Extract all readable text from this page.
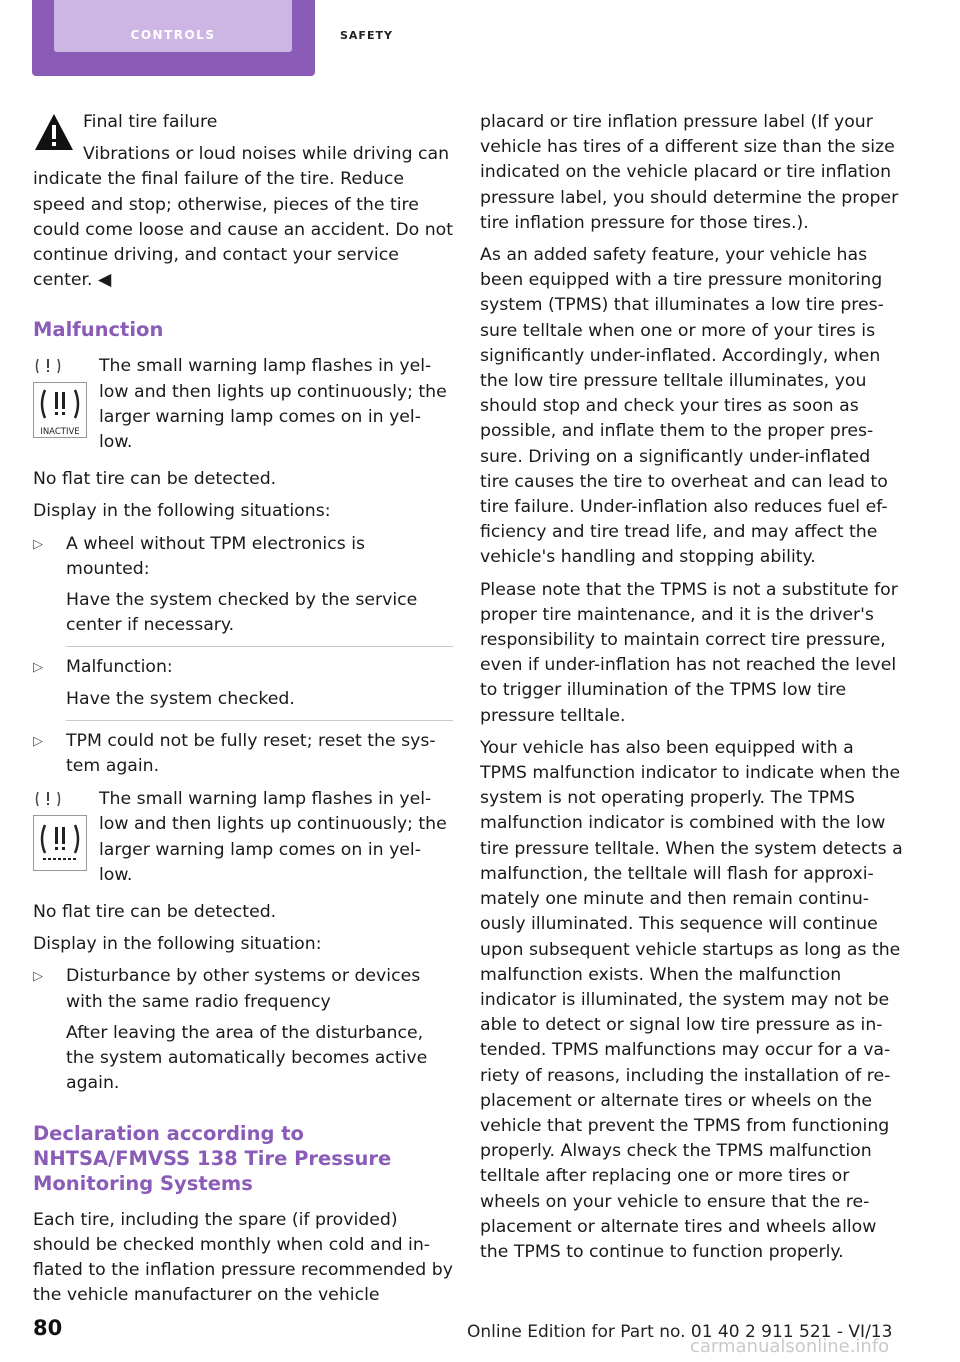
controls	safety

Final tire failure

Vibrations or loud noises while driving can indicate the final failure of the tire. Reduce speed and stop; otherwise, pieces of the tire could come loose and cause an accident. Do not continue driving, and contact your service center. ◀

Malfunction
INACTIVE

The small warning lamp flashes in yel-low and then lights up continuously; the larger warning lamp comes on in yel-low.

No flat tire can be detected.

Display in the following situations:

▷ A wheel without TPM electronics is mounted:
Have the system checked by the service center if necessary.
▷ Malfunction:
Have the system checked.
▷ TPM could not be fully reset; reset the sys-tem again.

The small warning lamp flashes in yel-low and then lights up continuously; the larger warning lamp comes on in yel-low.

No flat tire can be detected.

Display in the following situation:

▷ Disturbance by other systems or devices with the same radio frequency
After leaving the area of the disturbance, the system automatically becomes active again.
Declaration according to NHTSA/FMVSS 138 Tire Pressure Monitoring Systems

Each tire, including the spare (if provided) should be checked monthly when cold and in-flated to the inflation pressure recommended by the vehicle manufacturer on the vehicle

placard or tire inflation pressure label (If your vehicle has tires of a different size than the size indicated on the vehicle placard or tire inflation pressure label, you should determine the proper tire inflation pressure for those tires.).

As an added safety feature, your vehicle has been equipped with a tire pressure monitoring system (TPMS) that illuminates a low tire pres-sure telltale when one or more of your tires is significantly under-inflated. Accordingly, when the low tire pressure telltale illuminates, you should stop and check your tires as soon as possible, and inflate them to the proper pres-sure. Driving on a significantly under-inflated tire causes the tire to overheat and can lead to tire failure. Under-inflation also reduces fuel ef-ficiency and tire tread life, and may affect the vehicle's handling and stopping ability.

Please note that the TPMS is not a substitute for proper tire maintenance, and it is the driver's responsibility to maintain correct tire pressure, even if under-inflation has not reached the level to trigger illumination of the TPMS low tire pressure telltale.

Your vehicle has also been equipped with a TPMS malfunction indicator to indicate when the system is not operating properly. The TPMS malfunction indicator is combined with the low tire pressure telltale. When the system detects a malfunction, the telltale will flash for approxi-mately one minute and then remain continu-ously illuminated. This sequence will continue upon subsequent vehicle startups as long as the malfunction exists. When the malfunction indicator is illuminated, the system may not be able to detect or signal low tire pressure as in-tended. TPMS malfunctions may occur for a va-riety of reasons, including the installation of re-placement or alternate tires or wheels on the vehicle that prevent the TPMS from functioning properly. Always check the TPMS malfunction telltale after replacing one or more tires or wheels on your vehicle to ensure that the re-placement or alternate tires and wheels allow the TPMS to continue to function properly.

80	Online Edition for Part no. 01 40 2 911 521 - VI/13
carmanualsonline.info
